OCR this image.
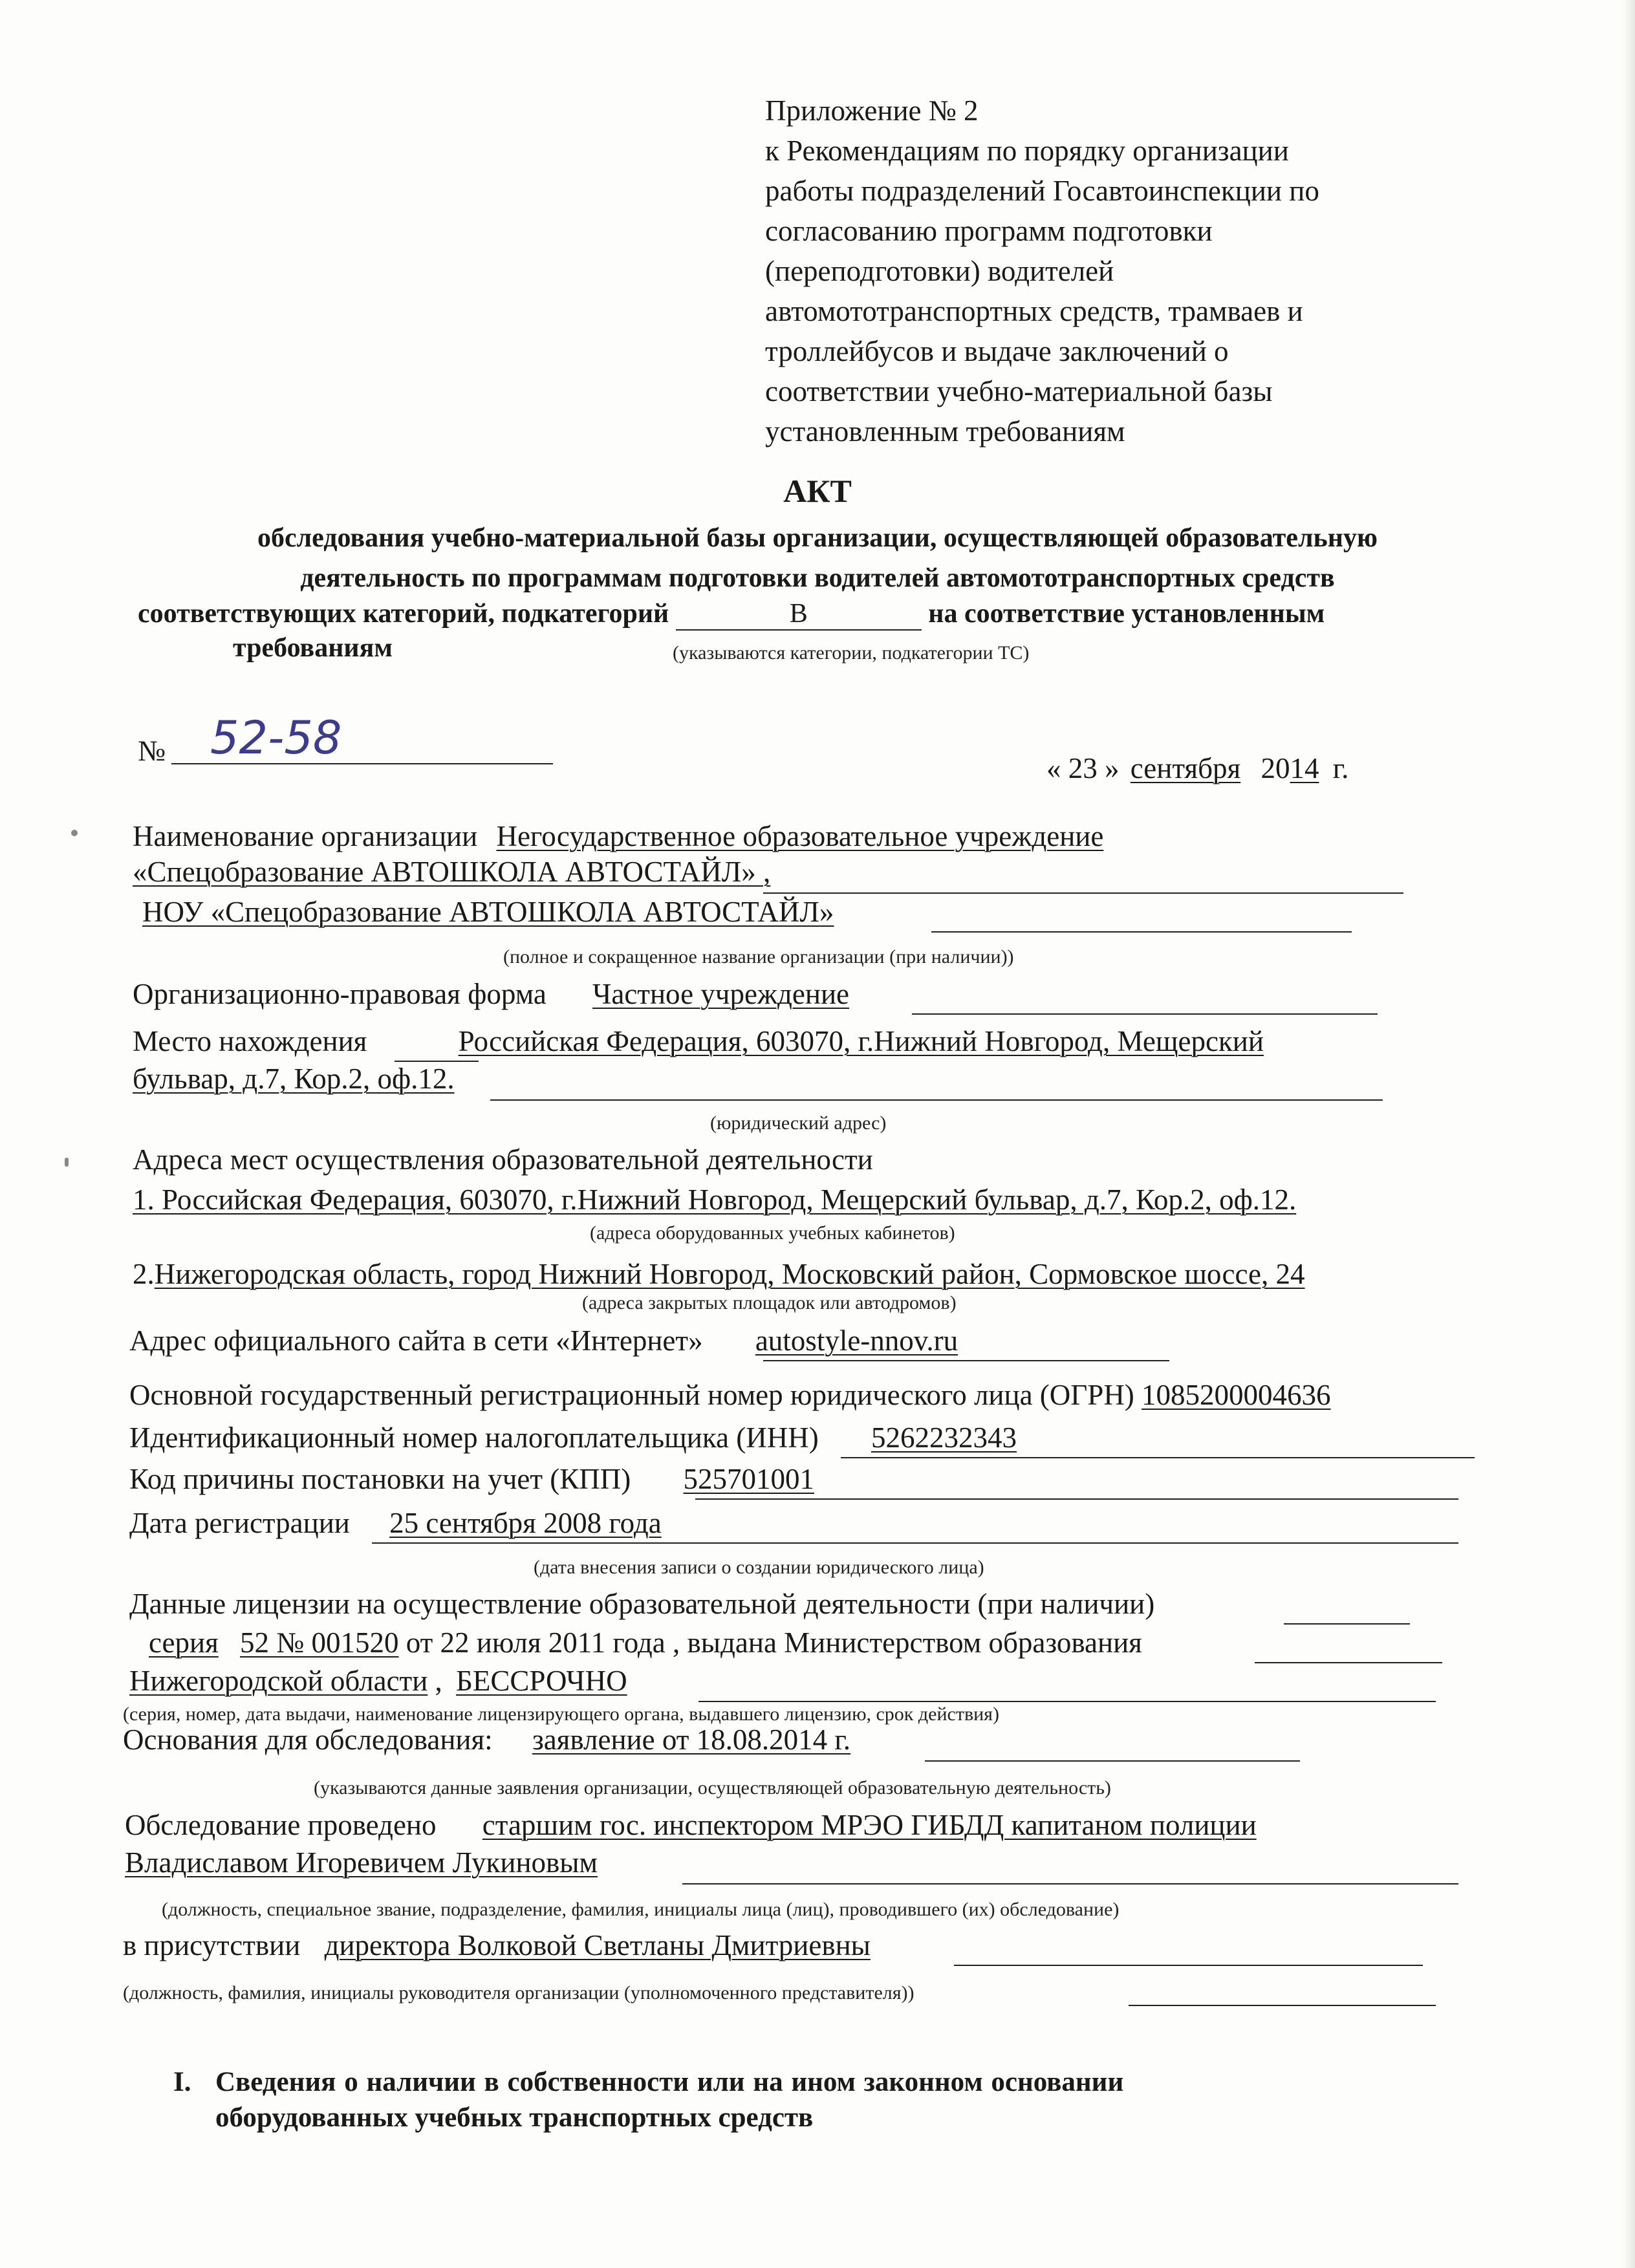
Приложение № 2
к Рекомендациям по порядку организации
работы подразделений Госавтоинспекции по
согласованию программ подготовки
(переподготовки) водителей
автомототранспортных средств, трамваев и
троллейбусов и выдаче заключений о
соответствии учебно-материальной базы
установленным требованиям
АКТ
обследования учебно-материальной базы организации, осуществляющей образовательную
деятельность по программам подготовки водителей автомототранспортных средств
соответствующих категорий, подкатегорий	В	на соответствие установленным
требованиям	(указываются категории, подкатегории ТС)
№ 52-58
« 23 » сентября 2014 г.
Наименование организации Негосударственное образовательное учреждение
«Спецобразование АВТОШКОЛА АВТОСТАЙЛ» ,
НОУ «Спецобразование АВТОШКОЛА АВТОСТАЙЛ»
(полное и сокращенное название организации (при наличии))
Организационно-правовая форма Частное учреждение
Место нахождения	Российская Федерация, 603070, г.Нижний Новгород, Мещерский
бульвар, д.7, Кор.2, оф.12.
(юридический адрес)
Адреса мест осуществления образовательной деятельности
1. Российская Федерация, 603070, г.Нижний Новгород, Мещерский бульвар, д.7, Кор.2, оф.12.
(адреса оборудованных учебных кабинетов)
2.Нижегородская область, город Нижний Новгород, Московский район, Сормовское шоссе, 24
(адреса закрытых площадок или автодромов)
Адрес официального сайта в сети «Интернет» autostyle-nnov.ru
Основной государственный регистрационный номер юридического лица (ОГРН) 1085200004636
Идентификационный номер налогоплательщика (ИНН) 5262232343
Код причины постановки на учет (КПП) 525701001
Дата регистрации 25 сентября 2008 года
(дата внесения записи о создании юридического лица)
Данные лицензии на осуществление образовательной деятельности (при наличии)
серия 52 № 001520 от 22 июля 2011 года , выдана Министерством образования
Нижегородской области , БЕССРОЧНО
(серия, номер, дата выдачи, наименование лицензирующего органа, выдавшего лицензию, срок действия)
Основания для обследования: заявление от 18.08.2014 г.
(указываются данные заявления организации, осуществляющей образовательную деятельность)
Обследование проведено старшим гос. инспектором МРЭО ГИБДД капитаном полиции
Владиславом Игоревичем Лукиновым
(должность, специальное звание, подразделение, фамилия, инициалы лица (лиц), проводившего (их) обследование)
в присутствии директора Волковой Светланы Дмитриевны
(должность, фамилия, инициалы руководителя организации (уполномоченного представителя))
I. Сведения о наличии в собственности или на ином законном основании
оборудованных учебных транспортных средств
